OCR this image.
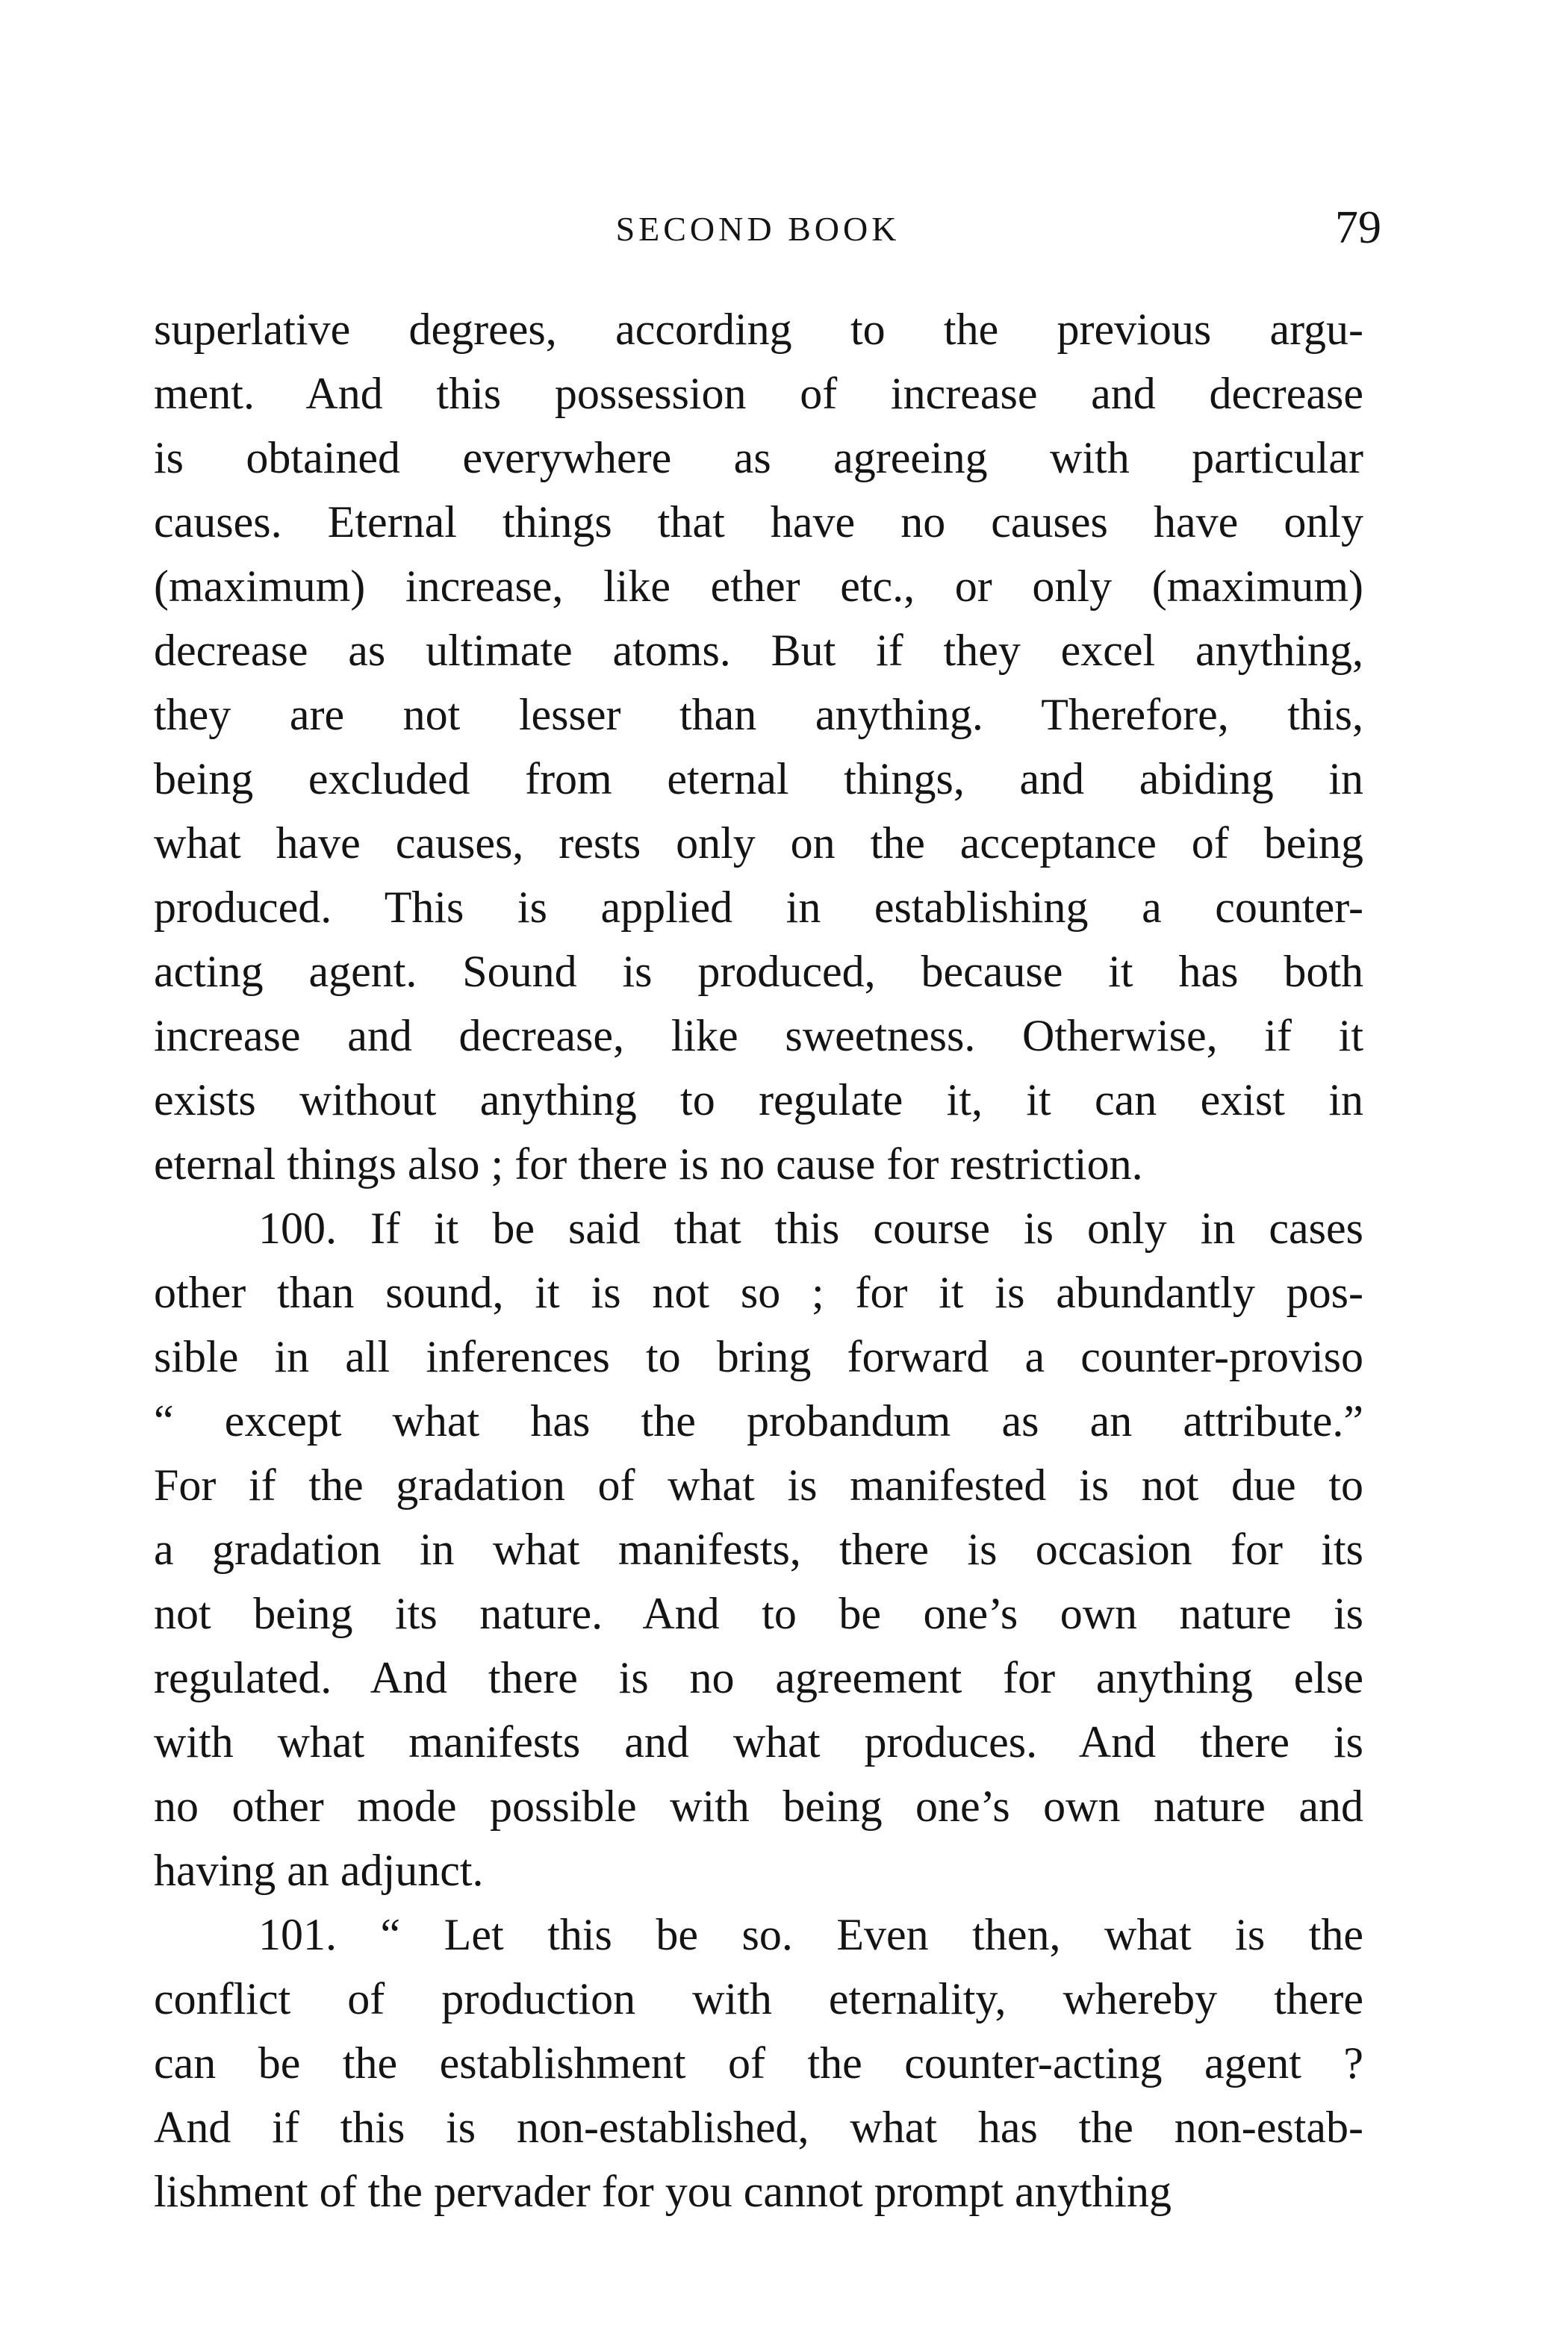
SECOND BOOK	79
superlative degrees, according to the previous argu-
ment. And this possession of increase and decrease
is obtained everywhere as agreeing with particular
causes. Eternal things that have no causes have only
(maximum) increase, like ether etc., or only (maximum)
decrease as ultimate atoms. But if they excel anything,
they are not lesser than anything. Therefore, this,
being excluded from eternal things, and abiding in
what have causes, rests only on the acceptance of being
produced. This is applied in establishing a counter-
acting agent. Sound is produced, because it has both
increase and decrease, like sweetness. Otherwise, if it
exists without anything to regulate it, it can exist in
eternal things also ; for there is no cause for restriction.
100. If it be said that this course is only in cases
other than sound, it is not so ; for it is abundantly pos-
sible in all inferences to bring forward a counter-proviso
“ except what has the probandum as an attribute.”
For if the gradation of what is manifested is not due to
a gradation in what manifests, there is occasion for its
not being its nature. And to be one’s own nature is
regulated. And there is no agreement for anything else
with what manifests and what produces. And there is
no other mode possible with being one’s own nature and
having an adjunct.
101. “ Let this be so. Even then, what is the
conflict of production with eternality, whereby there
can be the establishment of the counter-acting agent ?
And if this is non-established, what has the non-estab-
lishment of the pervader for you cannot prompt anything
